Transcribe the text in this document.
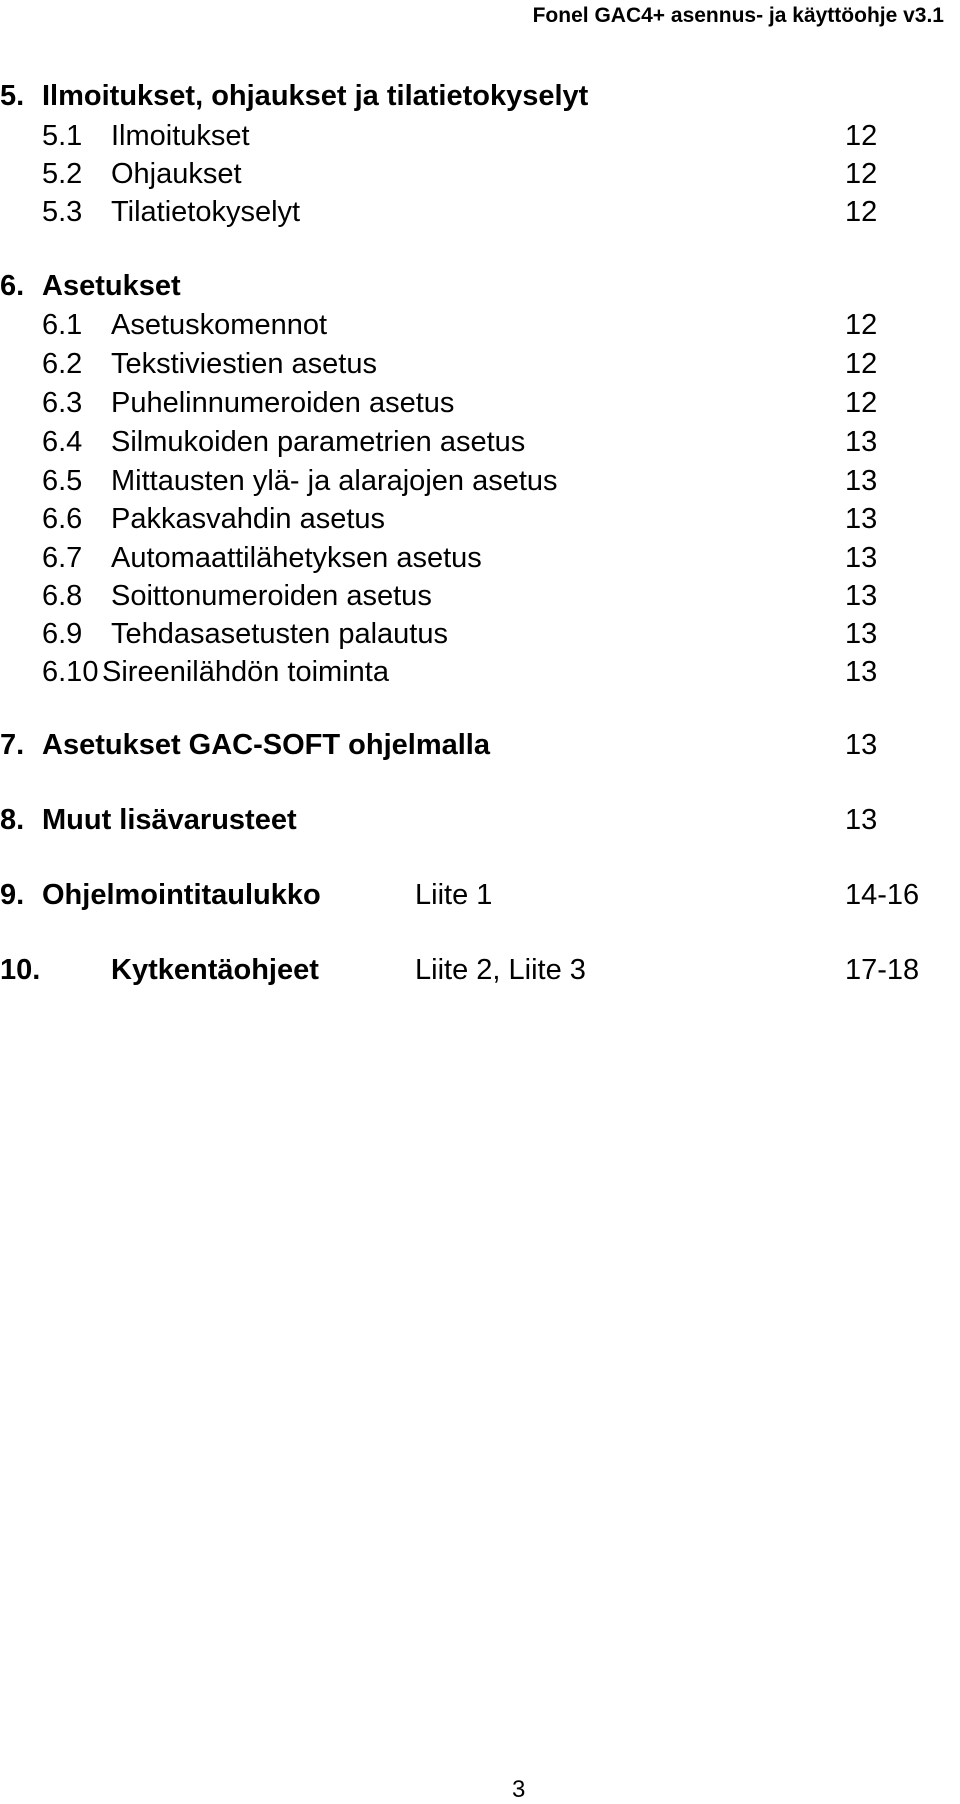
Fonel GAC4+ asennus- ja käyttöohje v3.1
5. Ilmoitukset, ohjaukset ja tilatietokyselyt
5.1 Ilmoitukset	12
5.2 Ohjaukset	12
5.3 Tilatietokyselyt	12
6. Asetukset
6.1 Asetuskomennot	12
6.2 Tekstiviestien asetus	12
6.3 Puhelinnumeroiden asetus	12
6.4 Silmukoiden parametrien asetus	13
6.5 Mittausten ylä- ja alarajojen asetus	13
6.6 Pakkasvahdin asetus	13
6.7 Automaattilähetyksen asetus	13
6.8 Soittonumeroiden asetus	13
6.9 Tehdasasetusten palautus	13
6.10 Sireenilähdön toiminta	13
7. Asetukset GAC-SOFT ohjelmalla	13
8. Muut lisävarusteet	13
9. Ohjelmointitaulukko	Liite 1	14-16
10. Kytkentäohjeet	Liite 2, Liite 3	17-18
3
